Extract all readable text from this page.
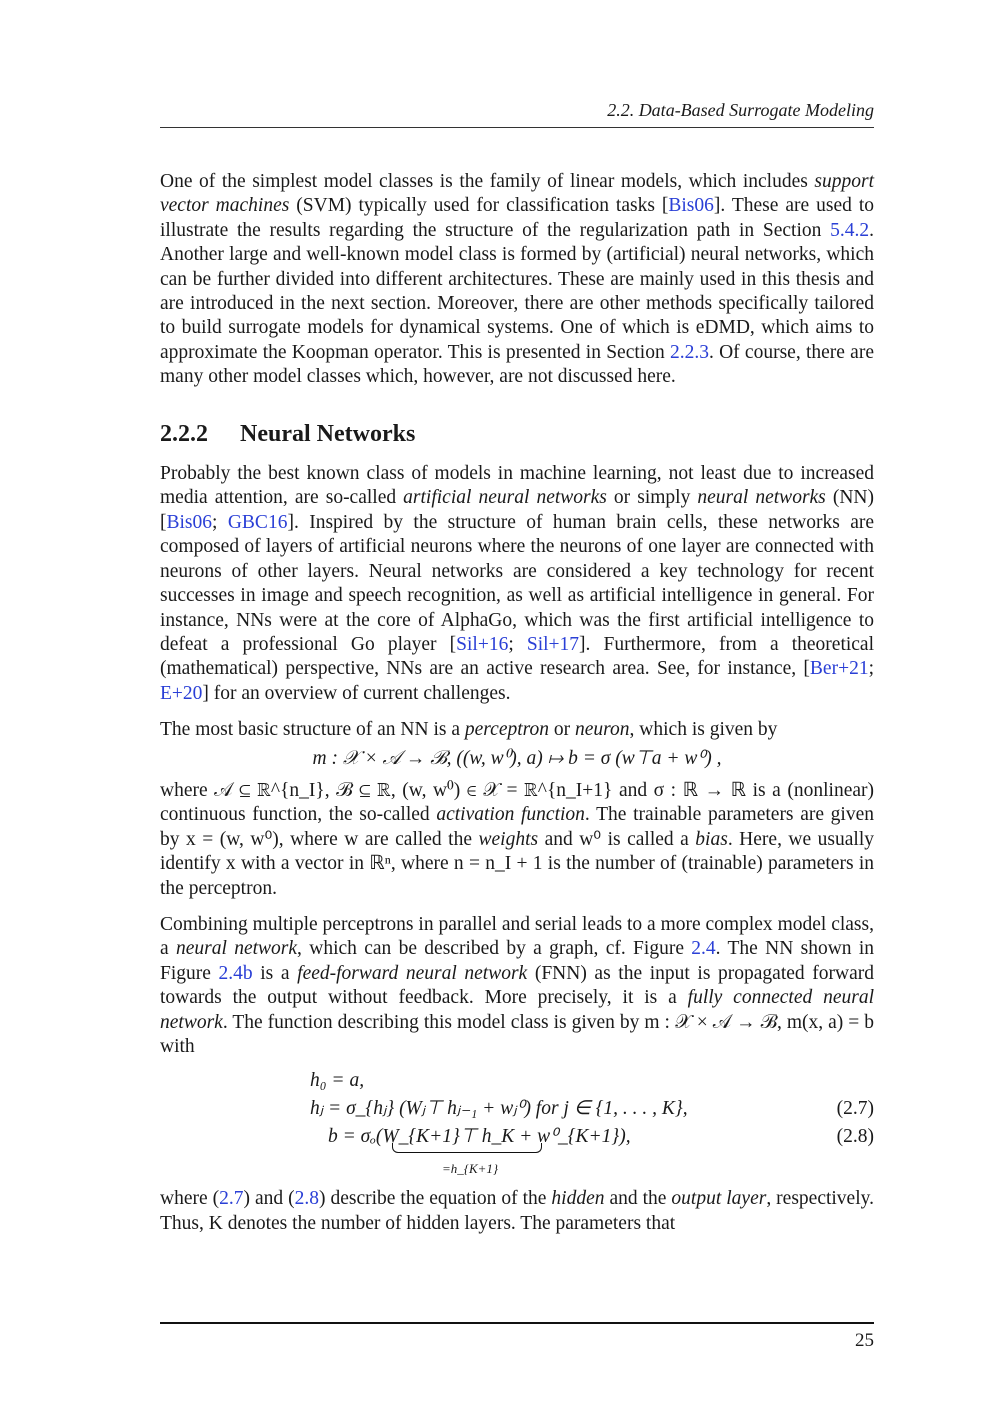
2.2. Data-Based Surrogate Modeling

One of the simplest model classes is the family of linear models, which includes support vector machines (SVM) typically used for classification tasks [Bis06]. These are used to illustrate the results regarding the structure of the regularization path in Section 5.4.2. Another large and well-known model class is formed by (artificial) neural networks, which can be further divided into different architectures. These are mainly used in this thesis and are introduced in the next section. Moreover, there are other methods specifically tailored to build surrogate models for dynamical systems. One of which is eDMD, which aims to approximate the Koopman operator. This is presented in Section 2.2.3. Of course, there are many other model classes which, however, are not discussed here.

2.2.2 Neural Networks

Probably the best known class of models in machine learning, not least due to increased media attention, are so-called artificial neural networks or simply neural networks (NN) [Bis06; GBC16]. Inspired by the structure of human brain cells, these networks are composed of layers of artificial neurons where the neurons of one layer are connected with neurons of other layers. Neural networks are considered a key technology for recent successes in image and speech recognition, as well as artificial intelligence in general. For instance, NNs were at the core of AlphaGo, which was the first artificial intelligence to defeat a professional Go player [Sil+16; Sil+17]. Furthermore, from a theoretical (mathematical) perspective, NNs are an active research area. See, for instance, [Ber+21; E+20] for an overview of current challenges.

The most basic structure of an NN is a perceptron or neuron, which is given by

m : 𝒳 × 𝒜 → ℬ, ((w, w⁰), a) ↦ b = σ (w⊤a + w⁰) ,

where 𝒜 ⊆ ℝ^{n_I}, ℬ ⊆ ℝ, (w, w⁰) ∈ 𝒳 = ℝ^{n_I+1} and σ : ℝ → ℝ is a (nonlinear) continuous function, the so-called activation function. The trainable parameters are given by x = (w, w⁰), where w are called the weights and w⁰ is called a bias. Here, we usually identify x with a vector in ℝⁿ, where n = n_I + 1 is the number of (trainable) parameters in the perceptron.

Combining multiple perceptrons in parallel and serial leads to a more complex model class, a neural network, which can be described by a graph, cf. Figure 2.4. The NN shown in Figure 2.4b is a feed-forward neural network (FNN) as the input is propagated forward towards the output without feedback. More precisely, it is a fully connected neural network. The function describing this model class is given by m : 𝒳 × 𝒜 → ℬ, m(x, a) = b with

h₀ = a,
hⱼ = σ_{hⱼ} (Wⱼ⊤ hⱼ₋₁ + wⱼ⁰) for j ∈ {1, . . . , K},	(2.7)
b = σₒ(W_{K+1}⊤ h_K + w⁰_{K+1}),	(2.8)
=h_{K+1}

where (2.7) and (2.8) describe the equation of the hidden and the output layer, respectively. Thus, K denotes the number of hidden layers. The parameters that

25
